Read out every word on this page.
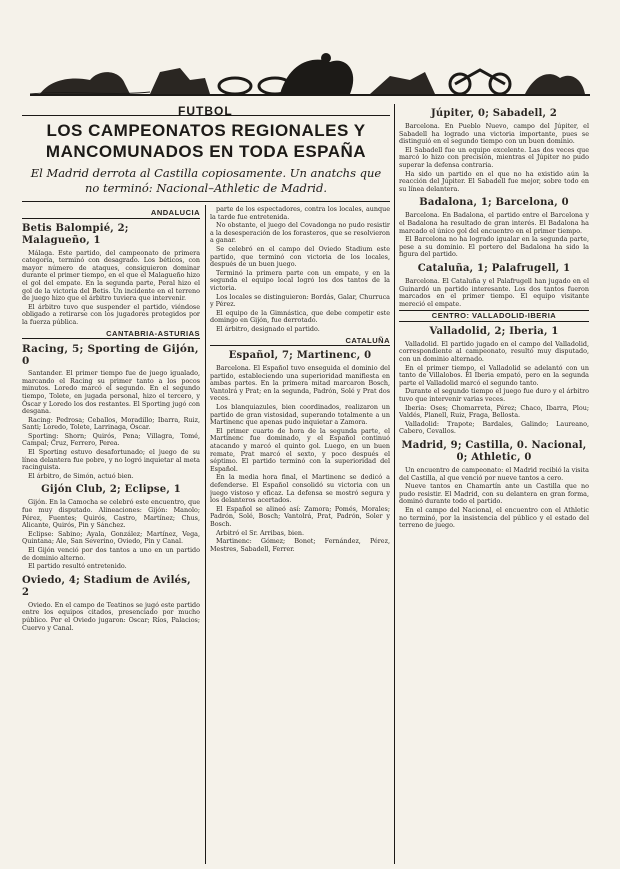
FUTBOL
LOS CAMPEONATOS REGIONALES Y MANCOMUNADOS EN TODA ESPAÑA
El Madrid derrota al Castilla copiosamente. Un anatchs que no terminó: Nacional–Athletic de Madrid.
ANDALUCIA
Betis Balompié, 2; Malagueño, 1

Málaga. Este partido, del campeonato de primera categoría, terminó con desagrado. Los béticos, con mayor número de ataques, consiguieron dominar durante el primer tiempo, en el que el Malagueño hizo el gol del empate. En la segunda parte, Peral hizo el gol de la victoria del Betis. Un incidente en el terreno de juego hizo que el árbitro tuviera que intervenir.

El árbitro tuvo que suspender el partido, viéndose obligado a retirarse con los jugadores protegidos por la fuerza pública.

CANTABRIA-ASTURIAS
Racing, 5; Sporting de Gijón, 0

Santander. El primer tiempo fue de juego igualado, marcando el Racing su primer tanto a los pocos minutos. Loredo marcó el segundo. En el segundo tiempo, Tolete, en jugada personal, hizo el tercero, y Óscar y Loredo los dos restantes. El Sporting jugó con desgana.

Racing: Pedrosa; Ceballos, Moradillo; Ibarra, Ruiz, Santi; Loredo, Tolete, Larrinaga, Óscar.

Sporting: Shorn; Quirós, Pena; Villagra, Tomé, Campal; Cruz, Ferrero, Perea.

El Sporting estuvo desafortunado; el juego de su línea delantera fue pobre, y no logró inquietar al meta racinguista.

El árbitro, de Simón, actuó bien.

Gijón Club, 2; Eclipse, 1

Gijón. En la Camocha se celebró este encuentro, que fue muy disputado. Alineaciones: Gijón: Manolo; Pérez, Fuentes; Quirós, Castro, Martínez; Chus, Alicante, Quirós, Pin y Sánchez.

Eclipse: Sabino; Ayala, González; Martínez, Vega, Quintana; Ale, San Severino, Oviedo, Pin y Canal.

El Gijón venció por dos tantos a uno en un partido de dominio alterno.

El partido resultó entretenido.

Oviedo, 4; Stadium de Avilés, 2

Oviedo. En el campo de Teatinos se jugó este partido entre los equipos citados, presenciado por mucho público. Por el Oviedo jugaron: Oscar; Ríos, Palacios; Cuervo y Canal.

parte de los espectadores, contra los locales, aunque la tarde fue entretenida.

No obstante, el juego del Covadonga no pudo resistir a la desesperación de los forasteros, que se resolvieron a ganar.

Se celebró en el campo del Oviedo Stadium este partido, que terminó con victoria de los locales, después de un buen juego.

Terminó la primera parte con un empate, y en la segunda el equipo local logró los dos tantos de la victoria.

Los locales se distinguieron: Bordás, Galar, Churruca y Pérez.

El equipo de la Gimnástica, que debe competir este domingo en Gijón, fue derrotado.

El árbitro, designado el partido.

CATALUÑA
Español, 7; Martinenc, 0

Barcelona. El Español tuvo enseguida el dominio del partido, estableciendo una superioridad manifiesta en ambas partes. En la primera mitad marcaron Bosch, Vantolrá y Prat; en la segunda, Padrón, Solé y Prat dos veces.

Los blanquiazules, bien coordinados, realizaron un partido de gran vistosidad, superando totalmente a un Martinenc que apenas pudo inquietar a Zamora.

El primer cuarto de hora de la segunda parte, el Martinenc fue dominado, y el Español continuó atacando y marcó el quinto gol. Luego, en un buen remate, Prat marcó el sexto, y poco después el séptimo. El partido terminó con la superioridad del Español.

En la media hora final, el Martinenc se dedicó a defenderse. El Español consolidó su victoria con un juego vistoso y eficaz. La defensa se mostró segura y los delanteros acertados.

El Español se alineó así: Zamora; Pomés, Morales; Padrón, Solé, Bosch; Vantolrá, Prat, Padrón, Soler y Bosch.

Arbitró el Sr. Arribas, bien.

Martinenc: Gómez; Bonet; Fernández, Pérez, Mestres, Sabadell, Ferrer.

Júpiter, 0; Sabadell, 2

Barcelona. En Pueblo Nuevo, campo del Júpiter, el Sabadell ha logrado una victoria importante, pues se distinguió en el segundo tiempo con un buen dominio.

El Sabadell fue un equipo excelente. Las dos veces que marcó lo hizo con precisión, mientras el Júpiter no pudo superar la defensa contraria.

Ha sido un partido en el que no ha existido aún la reacción del Júpiter. El Sabadell fue mejor, sobre todo en su línea delantera.

Badalona, 1; Barcelona, 0

Barcelona. En Badalona, el partido entre el Barcelona y el Badalona ha resultado de gran interés. El Badalona ha marcado el único gol del encuentro en el primer tiempo.

El Barcelona no ha logrado igualar en la segunda parte, pese a su dominio. El portero del Badalona ha sido la figura del partido.

Cataluña, 1; Palafrugell, 1

Barcelona. El Cataluña y el Palafrugell han jugado en el Guinardó un partido interesante. Los dos tantos fueron marcados en el primer tiempo. El equipo visitante mereció el empate.

CENTRO: VALLADOLID-IBERIA
Valladolid, 2; Iberia, 1

Valladolid. El partido jugado en el campo del Valladolid, correspondiente al campeonato, resultó muy disputado, con un dominio alternado.

En el primer tiempo, el Valladolid se adelantó con un tanto de Villalobos. El Iberia empató, pero en la segunda parte el Valladolid marcó el segundo tanto.

Durante el segundo tiempo el juego fue duro y el árbitro tuvo que intervenir varias veces.

Iberia: Oses; Chomarreta, Pérez; Chaco, Ibarra, Plou; Valdés, Planell, Ruiz, Fraga, Bellosta.

Valladolid: Trapote; Bardales, Galindo; Laureano, Cabero, Cevallos.

Madrid, 9; Castilla, 0. Nacional, 0; Athletic, 0

Un encuentro de campeonato: el Madrid recibió la visita del Castilla, al que venció por nueve tantos a cero.

Nueve tantos en Chamartín ante un Castilla que no pudo resistir. El Madrid, con su delantera en gran forma, dominó durante todo el partido.

En el campo del Nacional, el encuentro con el Athletic no terminó, por la insistencia del público y el estado del terreno de juego.
